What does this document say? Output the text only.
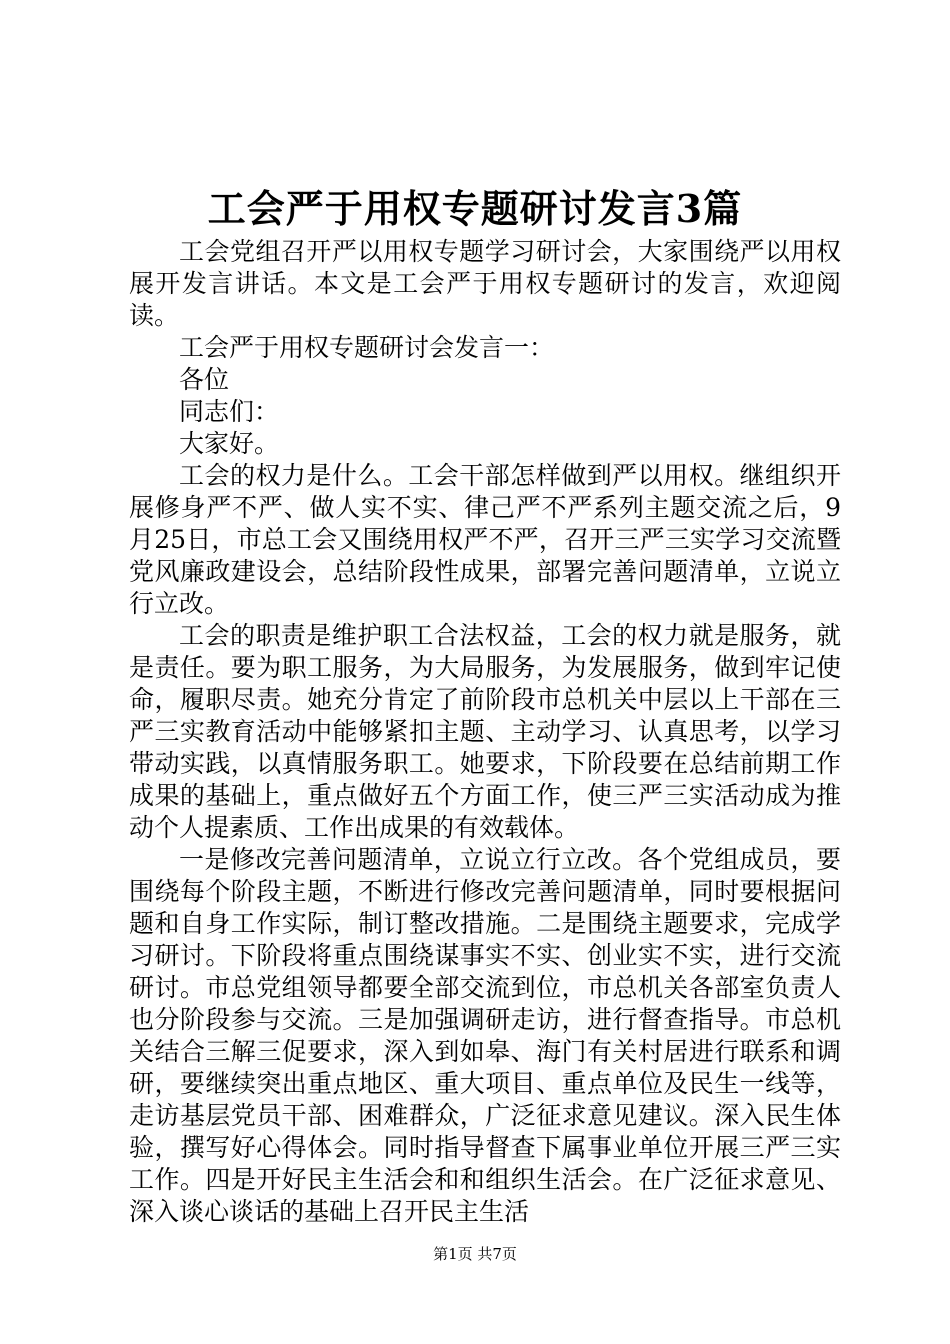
工会严于用权专题研讨发言3篇

工会党组召开严以用权专题学习研讨会，大家围绕严以用权展开发言讲话。本文是工会严于用权专题研讨的发言，欢迎阅读。

工会严于用权专题研讨会发言一：

各位

同志们：

大家好。

工会的权力是什么。工会干部怎样做到严以用权。继组织开展修身严不严、做人实不实、律己严不严系列主题交流之后，9月25日，市总工会又围绕用权严不严，召开三严三实学习交流暨党风廉政建设会，总结阶段性成果，部署完善问题清单，立说立行立改。

工会的职责是维护职工合法权益，工会的权力就是服务，就是责任。要为职工服务，为大局服务，为发展服务，做到牢记使命，履职尽责。她充分肯定了前阶段市总机关中层以上干部在三严三实教育活动中能够紧扣主题、主动学习、认真思考，以学习带动实践，以真情服务职工。她要求，下阶段要在总结前期工作成果的基础上，重点做好五个方面工作，使三严三实活动成为推动个人提素质、工作出成果的有效载体。

一是修改完善问题清单，立说立行立改。各个党组成员，要围绕每个阶段主题，不断进行修改完善问题清单，同时要根据问题和自身工作实际，制订整改措施。二是围绕主题要求，完成学习研讨。下阶段将重点围绕谋事实不实、创业实不实，进行交流研讨。市总党组领导都要全部交流到位，市总机关各部室负责人也分阶段参与交流。三是加强调研走访，进行督查指导。市总机关结合三解三促要求，深入到如皋、海门有关村居进行联系和调研，要继续突出重点地区、重大项目、重点单位及民生一线等，走访基层党员干部、困难群众，广泛征求意见建议。深入民生体验，撰写好心得体会。同时指导督查下属事业单位开展三严三实工作。四是开好民主生活会和和组织生活会。在广泛征求意见、深入谈心谈话的基础上召开民主生活

第1页 共7页
